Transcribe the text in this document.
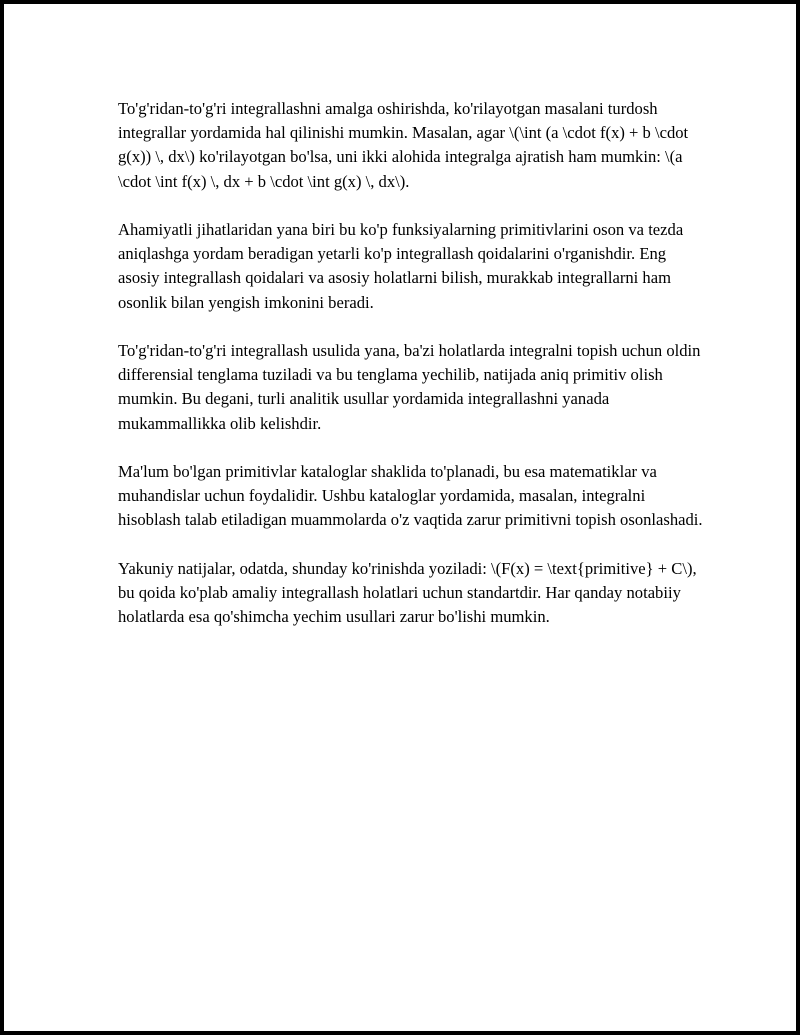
To'g'ridan-to'g'ri integrallashni amalga oshirishda, ko'rilayotgan masalani turdosh integrallar yordamida hal qilinishi mumkin. Masalan, agar \(\int (a \cdot f(x) + b \cdot g(x)) \, dx\) ko'rilayotgan bo'lsa, uni ikki alohida integralga ajratish ham mumkin: \(a \cdot \int f(x) \, dx + b \cdot \int g(x) \, dx\).

Ahamiyatli jihatlaridan yana biri bu ko'p funksiyalarning primitivlarini oson va tezda aniqlashga yordam beradigan yetarli ko'p integrallash qoidalarini o'rganishdir. Eng asosiy integrallash qoidalari va asosiy holatlarni bilish, murakkab integrallarni ham osonlik bilan yengish imkonini beradi.

To'g'ridan-to'g'ri integrallash usulida yana, ba'zi holatlarda integralni topish uchun oldin differensial tenglama tuziladi va bu tenglama yechilib, natijada aniq primitiv olish mumkin. Bu degani, turli analitik usullar yordamida integrallashni yanada mukammallikka olib kelishdir.

Ma'lum bo'lgan primitivlar kataloglar shaklida to'planadi, bu esa matematiklar va muhandislar uchun foydalidir. Ushbu kataloglar yordamida, masalan, integralni hisoblash talab etiladigan muammolarda o'z vaqtida zarur primitivni topish osonlashadi.

Yakuniy natijalar, odatda, shunday ko'rinishda yoziladi: \(F(x) = \text{primitive} + C\), bu qoida ko'plab amaliy integrallash holatlari uchun standartdir. Har qanday notabiiy holatlarda esa qo'shimcha yechim usullari zarur bo'lishi mumkin.
